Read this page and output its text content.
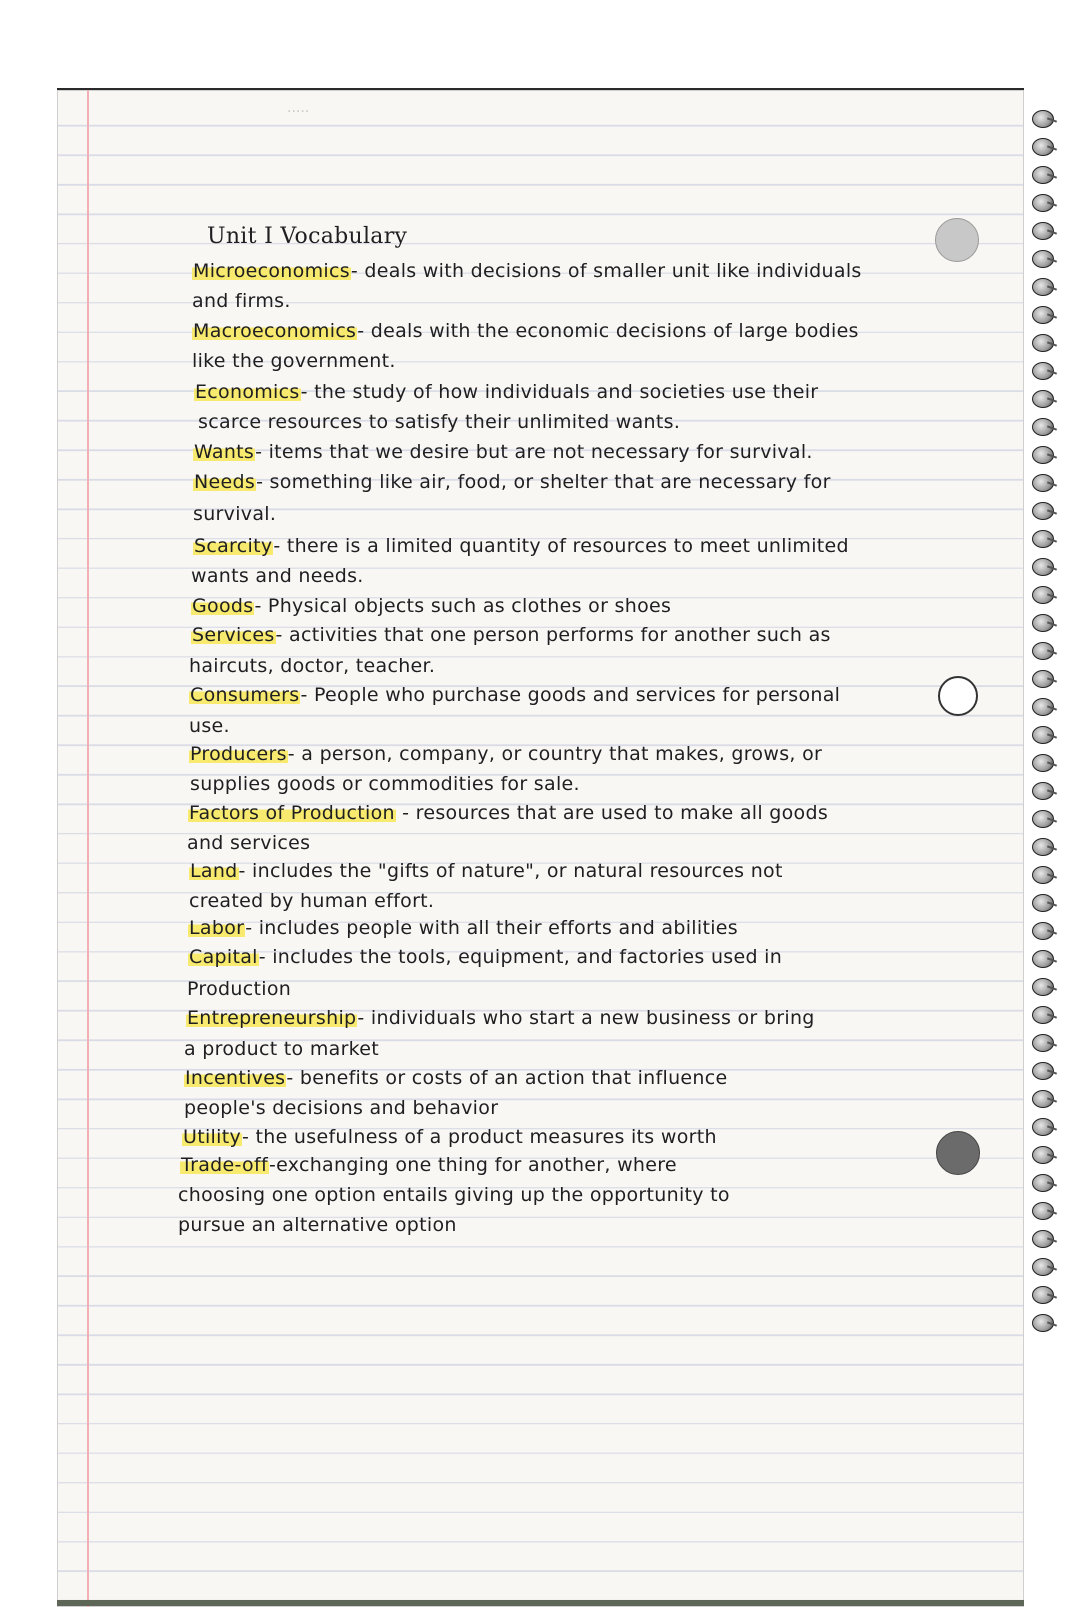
·····
Unit I Vocabulary
Microeconomics- deals with decisions of smaller unit like individuals
and firms.
Macroeconomics- deals with the economic decisions of large bodies
like the government.
Economics- the study of how individuals and societies use their
scarce resources to satisfy their unlimited wants.
Wants- items that we desire but are not necessary for survival.
Needs- something like air, food, or shelter that are necessary for
survival.
Scarcity- there is a limited quantity of resources to meet unlimited
wants and needs.
Goods- Physical objects such as clothes or shoes
Services- activities that one person performs for another such as
haircuts, doctor, teacher.
Consumers- People who purchase goods and services for personal
use.
Producers- a person, company, or country that makes, grows, or
supplies goods or commodities for sale.
Factors of Production - resources that are used to make all goods
and services
Land- includes the "gifts of nature", or natural resources not
created by human effort.
Labor- includes people with all their efforts and abilities
Capital- includes the tools, equipment, and factories used in
Production
Entrepreneurship- individuals who start a new business or bring
a product to market
Incentives- benefits or costs of an action that influence
people's decisions and behavior
Utility- the usefulness of a product measures its worth
Trade-off-exchanging one thing for another, where
choosing one option entails giving up the opportunity to
pursue an alternative option
